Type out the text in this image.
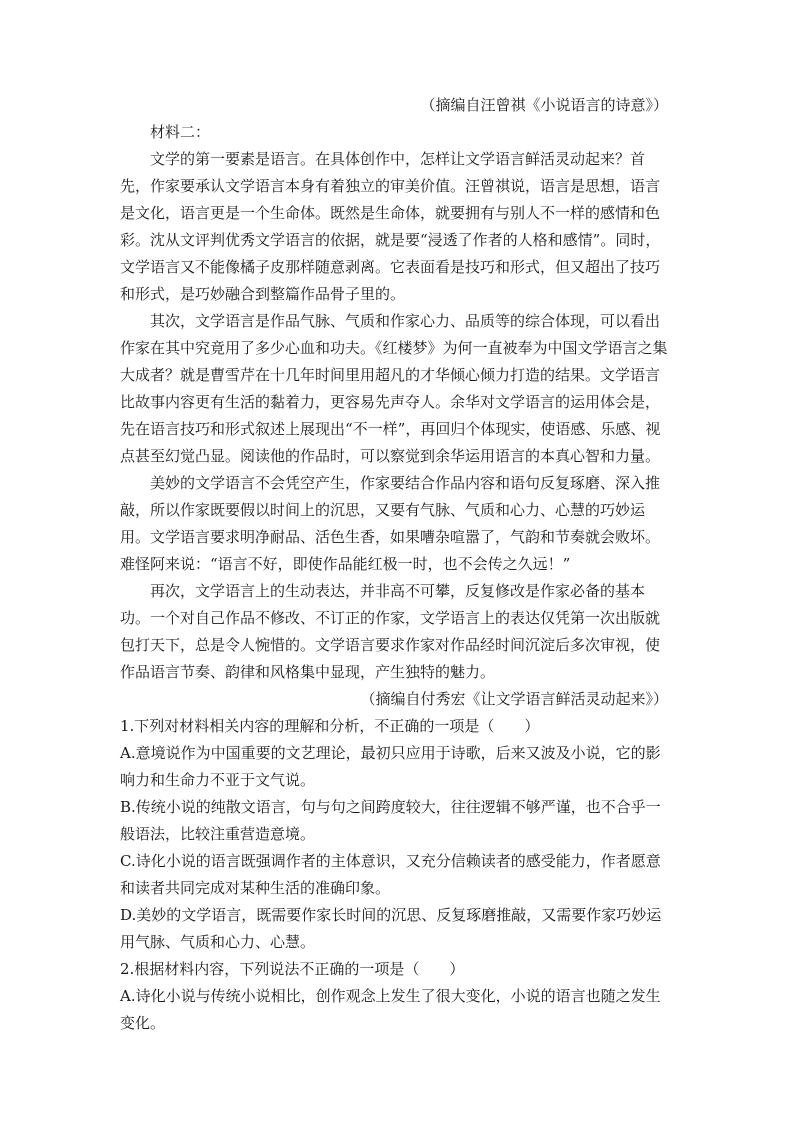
（摘编自汪曾祺《小说语言的诗意》）

材料二：

文学的第一要素是语言。在具体创作中，怎样让文学语言鲜活灵动起来？首先，作家要承认文学语言本身有着独立的审美价值。汪曾祺说，语言是思想，语言是文化，语言更是一个生命体。既然是生命体，就要拥有与别人不一样的感情和色彩。沈从文评判优秀文学语言的依据，就是要“浸透了作者的人格和感情”。同时，文学语言又不能像橘子皮那样随意剥离。它表面看是技巧和形式，但又超出了技巧和形式，是巧妙融合到整篇作品骨子里的。

其次，文学语言是作品气脉、气质和作家心力、品质等的综合体现，可以看出作家在其中究竟用了多少心血和功夫。《红楼梦》为何一直被奉为中国文学语言之集大成者？就是曹雪芹在十几年时间里用超凡的才华倾心倾力打造的结果。文学语言比故事内容更有生活的黏着力，更容易先声夺人。余华对文学语言的运用体会是，先在语言技巧和形式叙述上展现出“不一样”，再回归个体现实，使语感、乐感、视点甚至幻觉凸显。阅读他的作品时，可以察觉到余华运用语言的本真心智和力量。

美妙的文学语言不会凭空产生，作家要结合作品内容和语句反复琢磨、深入推敲，所以作家既要假以时间上的沉思，又要有气脉、气质和心力、心慧的巧妙运用。文学语言要求明净耐品、活色生香，如果嘈杂喧嚣了，气韵和节奏就会败坏。难怪阿来说：“语言不好，即使作品能红极一时，也不会传之久远！”

再次，文学语言上的生动表达，并非高不可攀，反复修改是作家必备的基本功。一个对自己作品不修改、不订正的作家，文学语言上的表达仅凭第一次出版就包打天下，总是令人惋惜的。文学语言要求作家对作品经时间沉淀后多次审视，使作品语言节奏、韵律和风格集中显现，产生独特的魅力。

（摘编自付秀宏《让文学语言鲜活灵动起来》）

1.下列对材料相关内容的理解和分析，不正确的一项是（　　）

A.意境说作为中国重要的文艺理论，最初只应用于诗歌，后来又波及小说，它的影响力和生命力不亚于文气说。

B.传统小说的纯散文语言，句与句之间跨度较大，往往逻辑不够严谨，也不合乎一般语法，比较注重营造意境。

C.诗化小说的语言既强调作者的主体意识，又充分信赖读者的感受能力，作者愿意和读者共同完成对某种生活的准确印象。

D.美妙的文学语言，既需要作家长时间的沉思、反复琢磨推敲，又需要作家巧妙运用气脉、气质和心力、心慧。

2.根据材料内容，下列说法不正确的一项是（　　）

A.诗化小说与传统小说相比，创作观念上发生了很大变化，小说的语言也随之发生变化。
